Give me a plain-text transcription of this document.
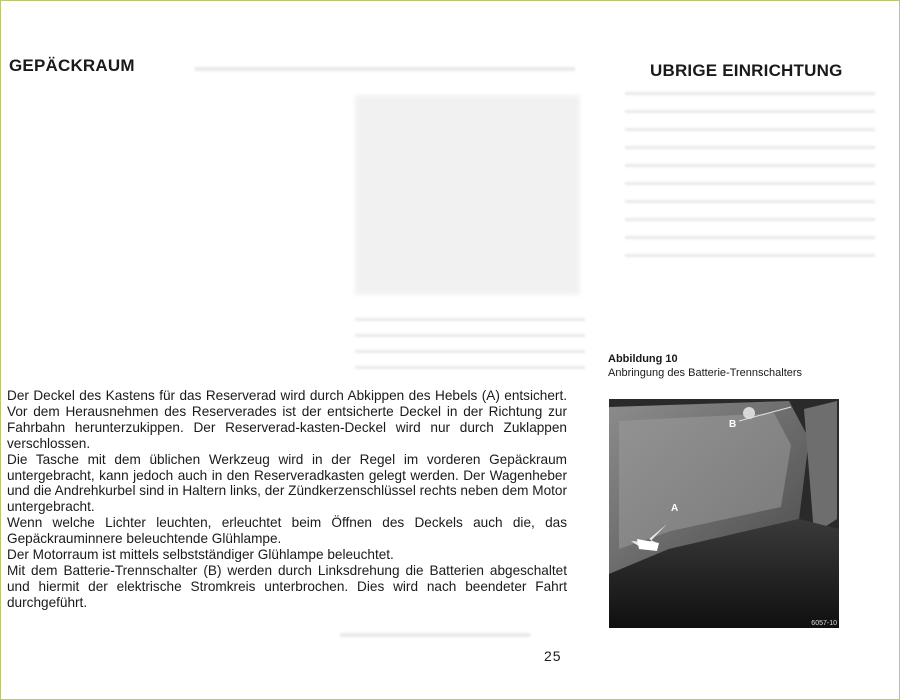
GEPÄCKRAUM	UBRIGE EINRICHTUNG

Der Deckel des Kastens für das Reserverad wird durch Abkippen des Hebels (A) entsichert. Vor dem Herausnehmen des Reserverades ist der entsicherte Deckel in der Richtung zur Fahrbahn herunterzukippen. Der Reserverad-kasten-Deckel wird nur durch Zuklappen verschlossen.

Die Tasche mit dem üblichen Werkzeug wird in der Regel im vorderen Gepäckraum untergebracht, kann jedoch auch in den Reserveradkasten gelegt werden. Der Wagenheber und die Andrehkurbel sind in Haltern links, der Zündkerzenschlüssel rechts neben dem Motor untergebracht.

Wenn welche Lichter leuchten, erleuchtet beim Öffnen des Deckels auch die, das Gepäckrauminnere beleuchtende Glühlampe.

Der Motorraum ist mittels selbstständiger Glühlampe beleuchtet.

Mit dem Batterie-Trennschalter (B) werden durch Linksdrehung die Batterien abgeschaltet und hiermit der elektrische Stromkreis unterbrochen. Dies wird nach beendeter Fahrt durchgeführt.

Abbildung 10
Anbringung des Batterie-Trennschalters
A
B
6057-10
25
